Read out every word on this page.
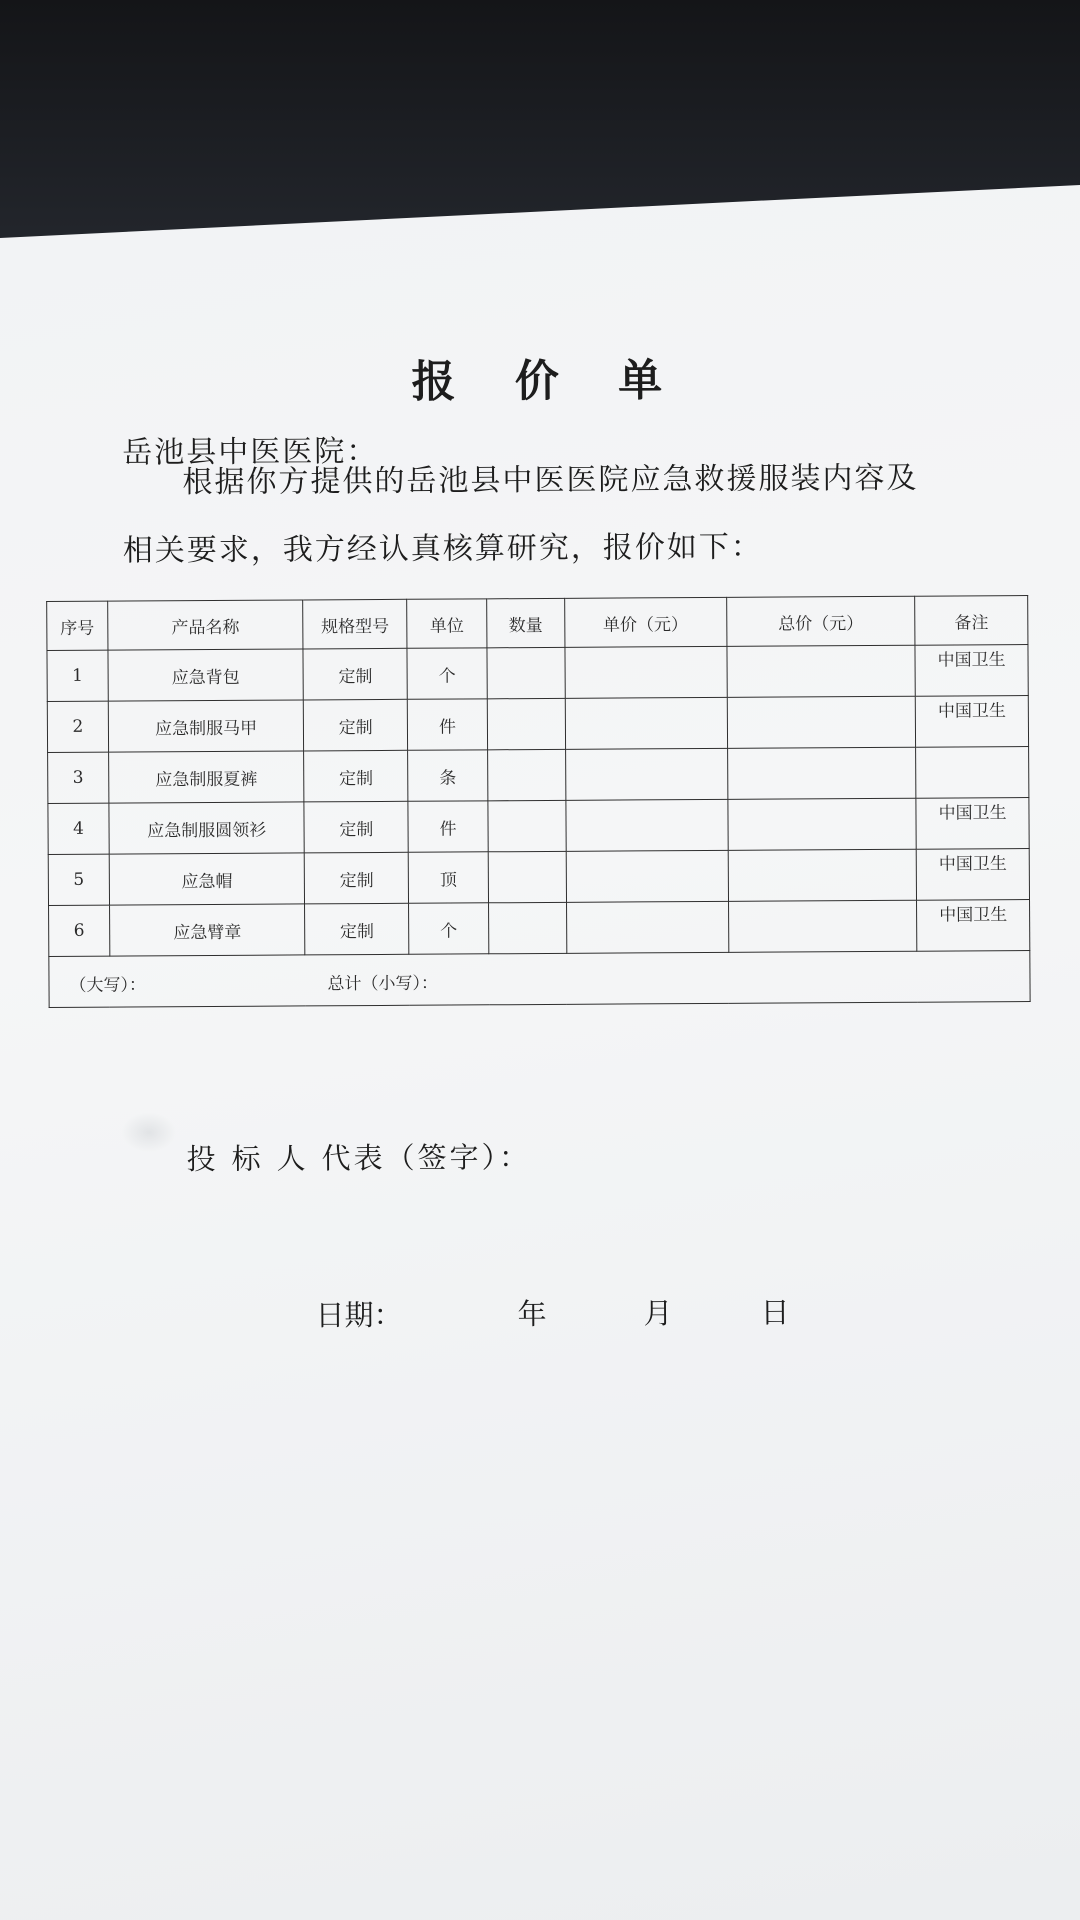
报 价 单
岳池县中医医院：
根据你方提供的岳池县中医医院应急救援服装内容及
相关要求，我方经认真核算研究，报价如下：
序号	产品名称	规格型号	单位	数量	单价（元）	总价（元）	备注
1	应急背包	定制	个				中国卫生
2	应急制服马甲	定制	件				中国卫生
3	应急制服夏裤	定制	条				
4	应急制服圆领衫	定制	件				中国卫生
5	应急帽	定制	顶				中国卫生
6	应急臂章	定制	个				中国卫生

（大写）： 总计（小写）：							
投标人代表（签字）：
日期：	年	月	日
